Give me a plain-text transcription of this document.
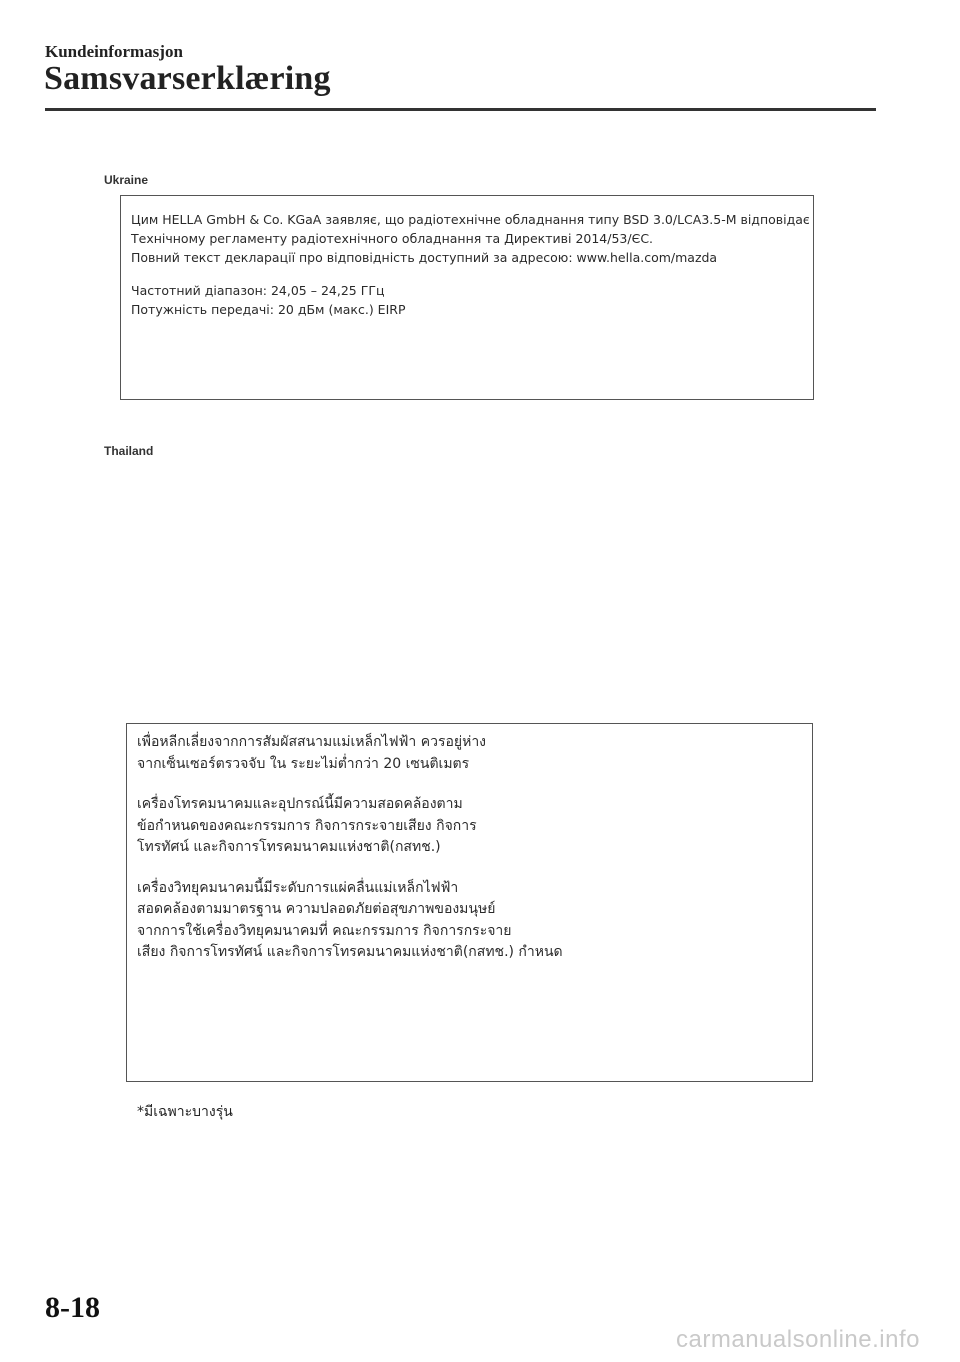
Kundeinformasjon
Samsvarserklæring
Ukraine
Цим HELLA GmbH & Co. KGaA заявляє, що радіотехнічне обладнання типу BSD 3.0/LCA3.5-M відповідає
Технічному регламенту радіотехнічного обладнання та Директиві 2014/53/ЄС.
Повний текст декларації про відповідність доступний за адресою: www.hella.com/mazda
Частотний діапазон: 24,05 – 24,25 ГГц
Потужність передачі: 20 дБм (макс.) EIRP
Thailand
เพื่อหลีกเลี่ยงจากการสัมผัสสนามแม่เหล็กไฟฟ้า ควรอยู่ห่าง
จากเซ็นเซอร์ตรวจจับ ใน ระยะไม่ต่ำกว่า 20 เซนติเมตร
เครื่องโทรคมนาคมและอุปกรณ์นี้มีความสอดคล้องตาม
ข้อกำหนดของคณะกรรมการ กิจการกระจายเสียง กิจการ
โทรทัศน์ และกิจการโทรคมนาคมแห่งชาติ(กสทช.)
เครื่องวิทยุคมนาคมนี้มีระดับการแผ่คลื่นแม่เหล็กไฟฟ้า
สอดคล้องตามมาตรฐาน ความปลอดภัยต่อสุขภาพของมนุษย์
จากการใช้เครื่องวิทยุคมนาคมที่ คณะกรรมการ กิจการกระจาย
เสียง กิจการโทรทัศน์ และกิจการโทรคมนาคมแห่งชาติ(กสทช.) กำหนด
*มีเฉพาะบางรุ่น
8-18
carmanualsonline.info
